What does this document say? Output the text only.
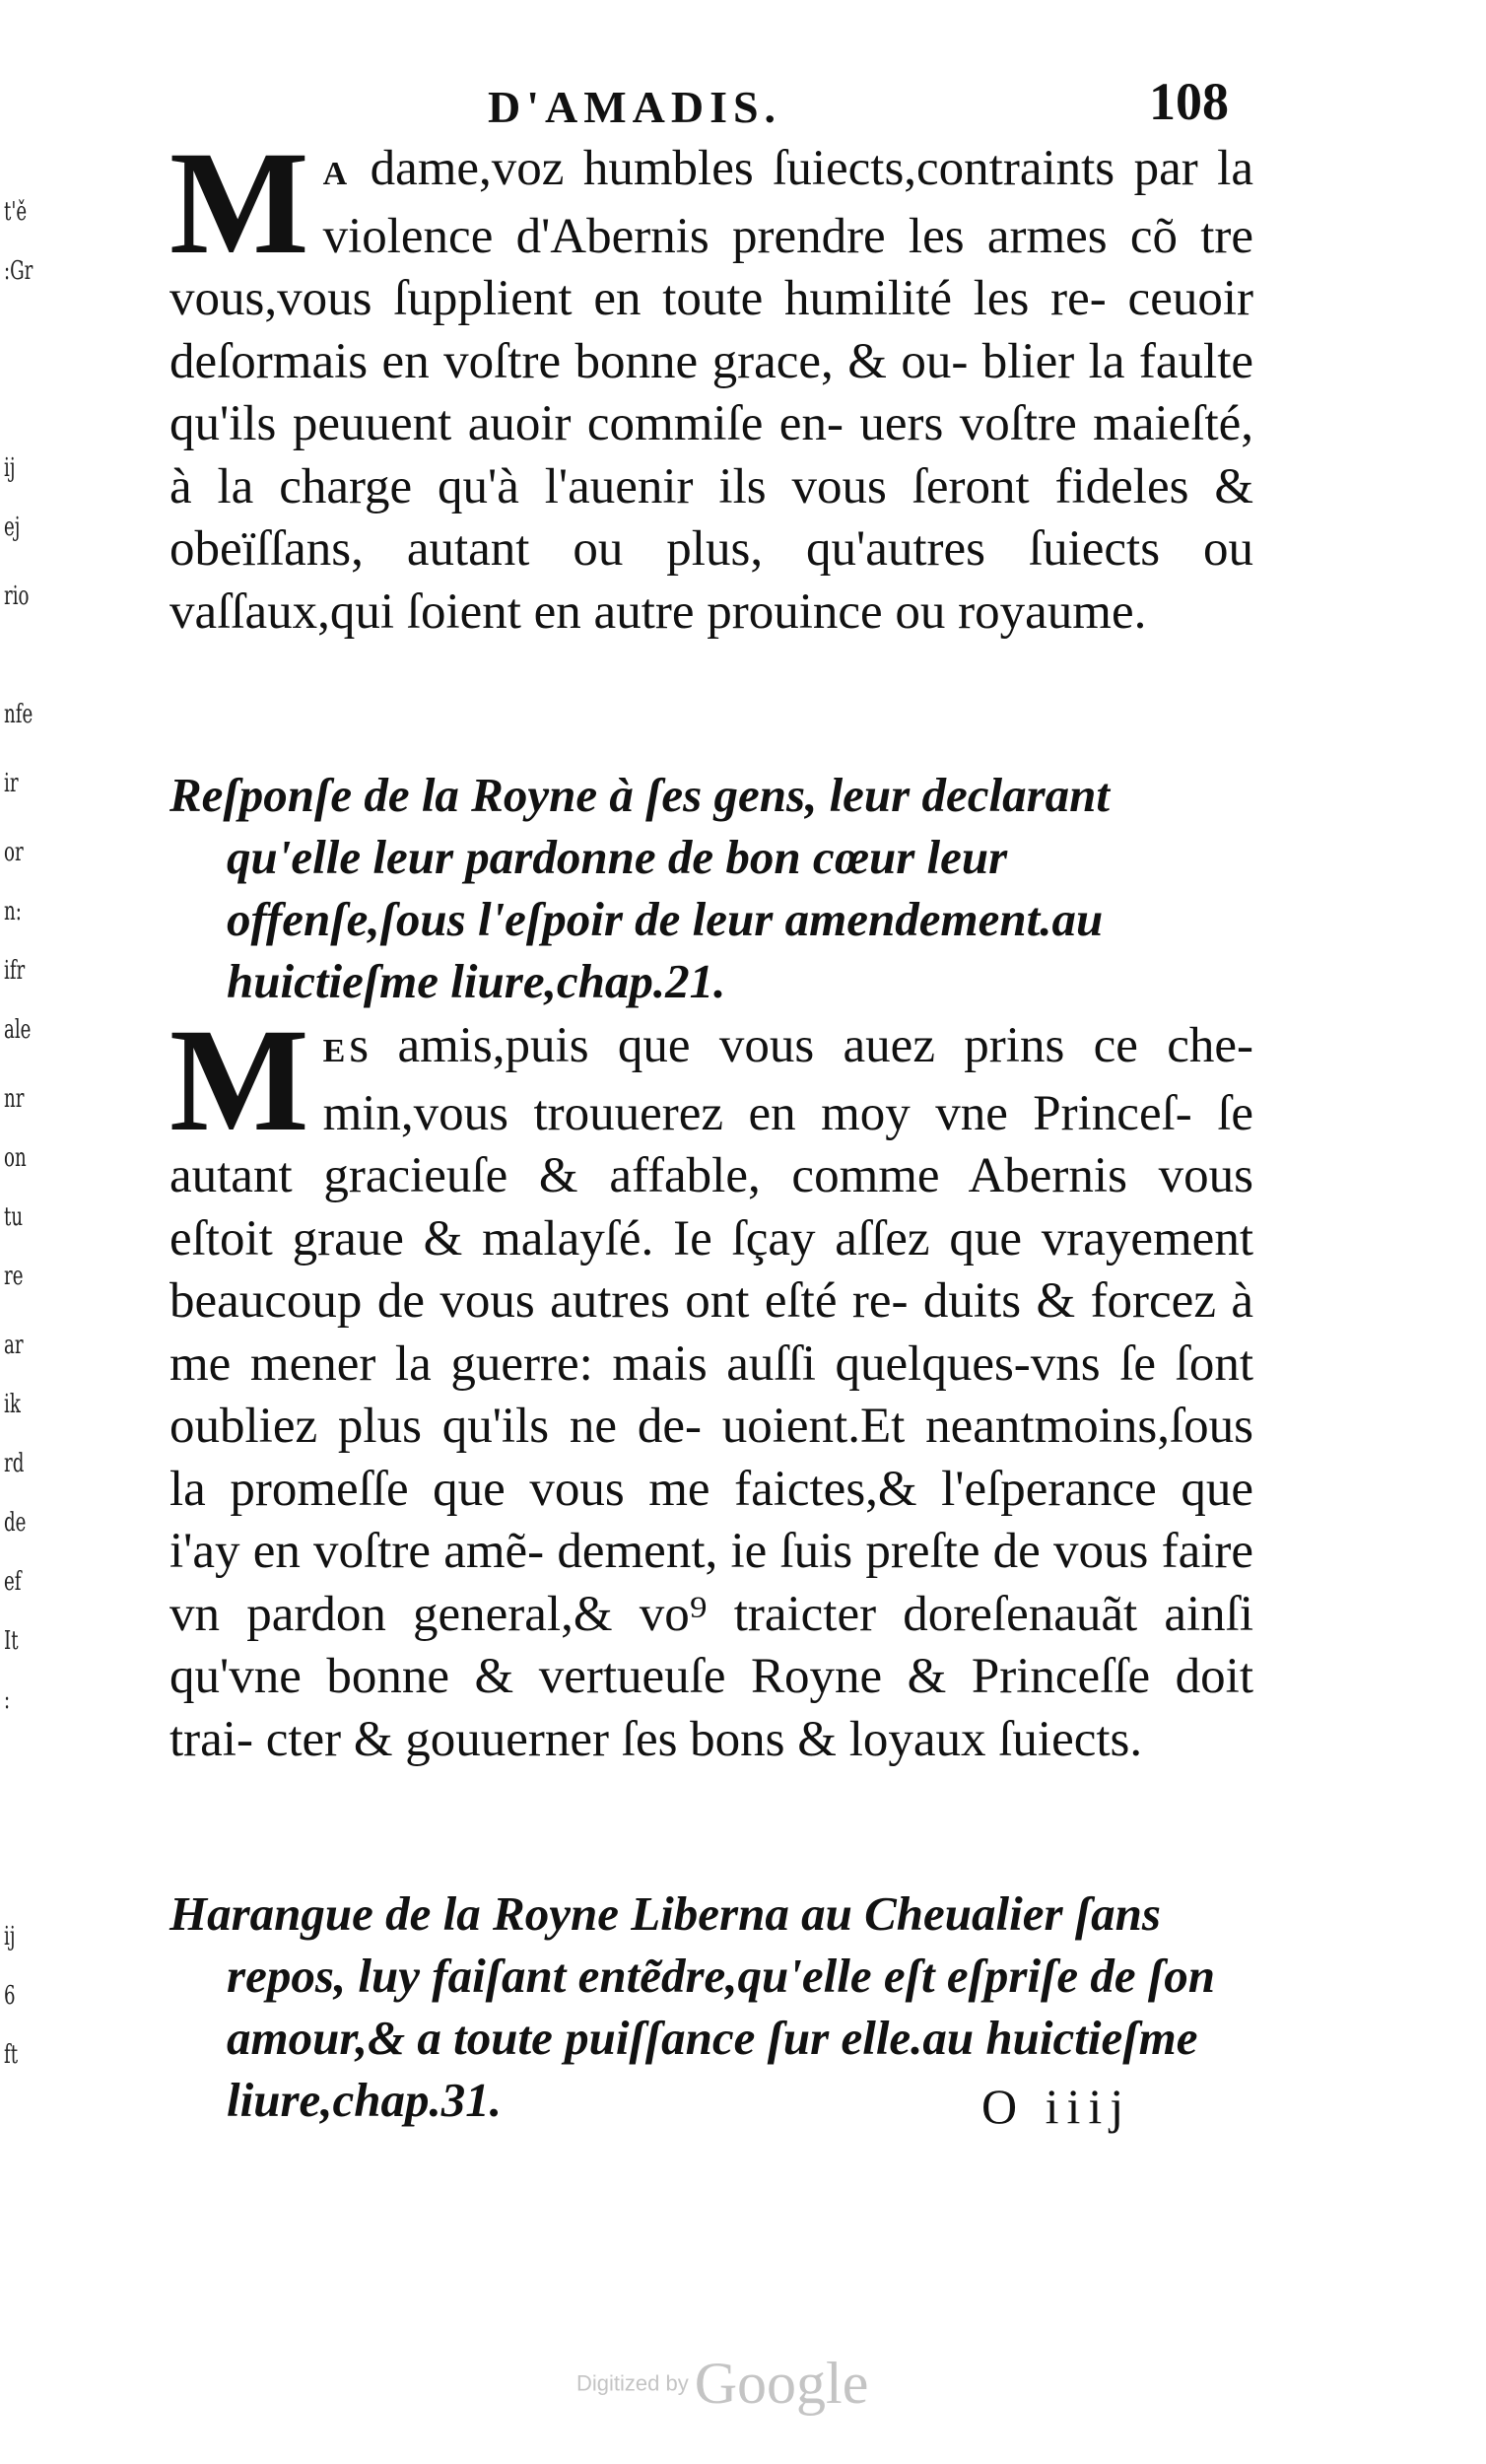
t'ě
:Gr
ij
ej
rio
nfe
ir
or
n:
ifr
ale
nr
on
tu
re
ar
ik
rd
de
ef
It
:
ij
6
ft
D'AMADIS.	108
M A dame,voz humbles ſuiects,contraints par la violence d'Abernis prendre les armes cõ tre vous,vous ſupplient en toute humilité les re- ceuoir deſormais en voſtre bonne grace, & ou- blier la faulte qu'ils peuuent auoir commiſe en- uers voſtre maieſté, à la charge qu'à l'auenir ils vous ſeront fideles & obeïſſans, autant ou plus, qu'autres ſuiects ou vaſſaux,qui ſoient en autre prouince ou royaume.
Reſponſe de la Royne à ſes gens, leur declarant qu'elle leur pardonne de bon cœur leur offenſe,ſous l'eſpoir de leur amendement.au huictieſme liure,chap.21.
M Es amis,puis que vous auez prins ce che- min,vous trouuerez en moy vne Princeſ- ſe autant gracieuſe & affable, comme Abernis vous eſtoit graue & malayſé. Ie ſçay aſſez que vrayement beaucoup de vous autres ont eſté re- duits & forcez à me mener la guerre: mais auſſi quelques-vns ſe ſont oubliez plus qu'ils ne de- uoient.Et neantmoins,ſous la promeſſe que vous me faictes,& l'eſperance que i'ay en voſtre amẽ- dement, ie ſuis preſte de vous faire vn pardon general,& vo⁹ traicter doreſenauãt ainſi qu'vne bonne & vertueuſe Royne & Princeſſe doit trai- cter & gouuerner ſes bons & loyaux ſuiects.
Harangue de la Royne Liberna au Cheualier ſans repos, luy faiſant entẽdre,qu'elle eſt eſpriſe de ſon amour,& a toute puiſſance ſur elle.au huictieſme liure,chap.31.	O iiij
Digitized by Google
